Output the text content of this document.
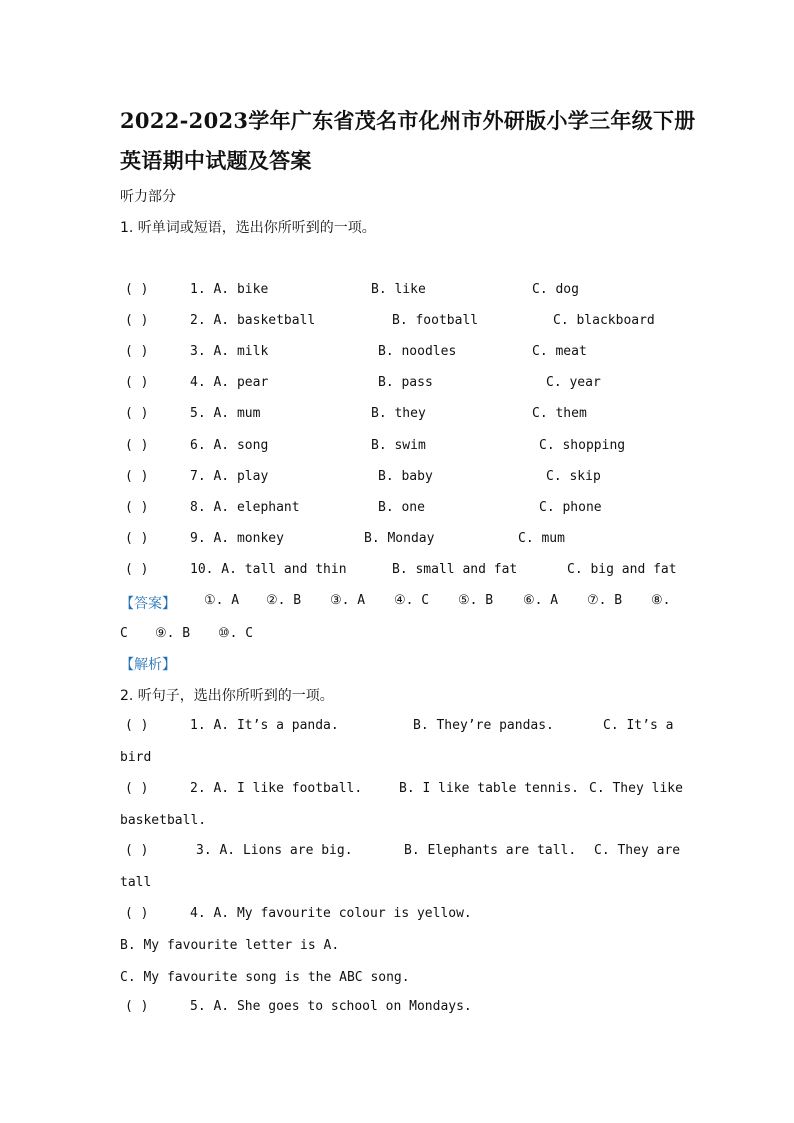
2022-2023学年广东省茂名市化州市外研版小学三年级下册
英语期中试题及答案
听力部分
1. 听单词或短语，选出你所听到的一项。
( )	1. A. bike	B. like	C. dog
( )	2. A. basketball	B. football	C. blackboard
( )	3. A. milk	B. noodles	C. meat
( )	4. A. pear	B. pass	C. year
( )	5. A. mum	B. they	C. them
( )	6. A. song	B. swim	C. shopping
( )	7. A. play	B. baby	C. skip
( )	8. A. elephant	B. one	C. phone
( )	9. A. monkey	B. Monday	C. mum
( )	10. A. tall and thin	B. small and fat	C. big and fat
【答案】 ①. A ②. B ③. A ④. C ⑤. B ⑥. A ⑦. B ⑧.
C ⑨. B ⑩. C
【解析】
2. 听句子，选出你所听到的一项。
( )	1. A. It’s a panda.	B. They’re pandas.	C. It’s a
bird
( )	2. A. I like football.	B. I like table tennis. C. They like
basketball.
( )	3. A. Lions are big.	B. Elephants are tall. C. They are
tall
( )	4. A. My favourite colour is yellow.
B. My favourite letter is A.
C. My favourite song is the ABC song.
( )	5. A. She goes to school on Mondays.
